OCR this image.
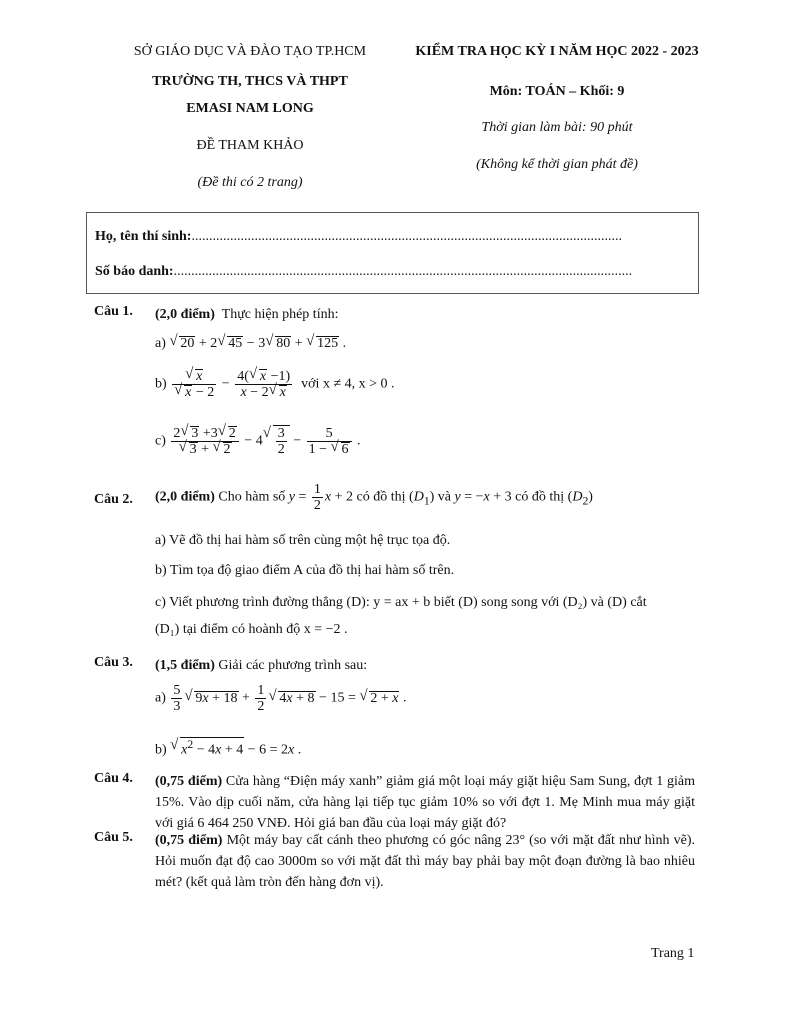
SỞ GIÁO DỤC VÀ ĐÀO TẠO TP.HCM
TRƯỜNG TH, THCS VÀ THPT
EMASI NAM LONG
ĐỀ THAM KHẢO
(Đề thi có 2 trang)
KIỂM TRA HỌC KỲ I NĂM HỌC 2022 - 2023
Môn: TOÁN – Khối: 9
Thời gian làm bài: 90 phút
(Không kể thời gian phát đề)
Họ, tên thí sinh:...........................................................................................................................
Số báo danh:...................................................................................................................................
Câu 1. (2,0 điểm) Thực hiện phép tính:
a) √ 20 + 2 √ 45 − 3 √ 80 + √ 125 .
b) √ x
√ $x - 2 - \frac{4( √ x -1)}{x - 2 √ x}$ với x ≠ 4, x > 0 .
c) 2 √ 3 +3 √ 2
√ 3 + √ 2 − 4 √ $\frac{3}{2} - \frac{5}{1 - √ 6}$ .
Câu 2. (2,0 điểm) Cho hàm số $y = \frac{1}{2}$ x + 2 có đồ thị $(D_1)$ và y = −x + 3 có đồ thị $(D_2)$
a) Vẽ đồ thị hai hàm số trên cùng một hệ trục tọa độ.
b) Tìm tọa độ giao điểm A của đồ thị hai hàm số trên.
c) Viết phương trình đường thẳng (D): y = ax + b biết (D) song song với (D₂) và (D) cắt
(D₁) tại điểm có hoành độ x = −2 .
Câu 3. (1,5 điểm) Giải các phương trình sau:
$a) \frac{5}{3}$ √ $9x + 18 + \frac{1}{2}$ √ 4x + 8 − 15 = √ 2 + x .
b) √ $x^2 - 4x + 4 - 6 = 2x$ .
Câu 4. (0,75 điểm) Cửa hàng “Điện máy xanh” giảm giá một loại máy giặt hiệu Sam Sung, đợt 1 giảm 15%. Vào dịp cuối năm, cửa hàng lại tiếp tục giảm 10% so với đợt 1. Mẹ Minh mua máy giặt với giá 6 464 250 VNĐ. Hỏi giá ban đầu của loại máy giặt đó?
Câu 5. (0,75 điểm) Một máy bay cất cánh theo phương có góc nâng 23° (so với mặt đất như hình vẽ). Hỏi muốn đạt độ cao 3000m so với mặt đất thì máy bay phải bay một đoạn đường là bao nhiêu mét? (kết quả làm tròn đến hàng đơn vị).
Trang 1
